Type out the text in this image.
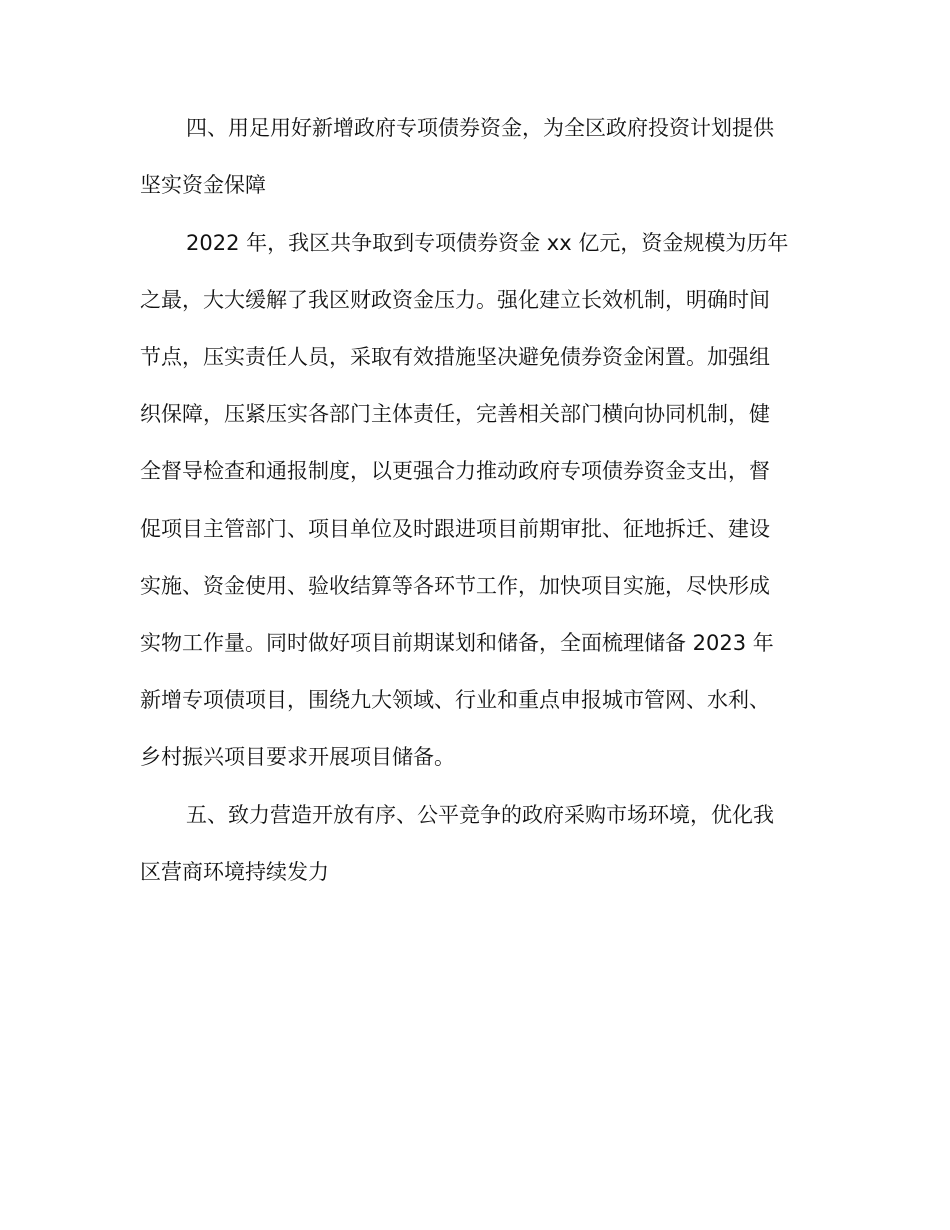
四、用足用好新增政府专项债券资金，为全区政府投资计划提供
坚实资金保障
2022 年，我区共争取到专项债券资金 xx 亿元，资金规模为历年
之最，大大缓解了我区财政资金压力。强化建立长效机制，明确时间
节点，压实责任人员，采取有效措施坚决避免债券资金闲置。加强组
织保障，压紧压实各部门主体责任，完善相关部门横向协同机制，健
全督导检查和通报制度，以更强合力推动政府专项债券资金支出，督
促项目主管部门、项目单位及时跟进项目前期审批、征地拆迁、建设
实施、资金使用、验收结算等各环节工作，加快项目实施，尽快形成
实物工作量。同时做好项目前期谋划和储备，全面梳理储备 2023 年
新增专项债项目，围绕九大领域、行业和重点申报城市管网、水利、
乡村振兴项目要求开展项目储备。
五、致力营造开放有序、公平竞争的政府采购市场环境，优化我
区营商环境持续发力
